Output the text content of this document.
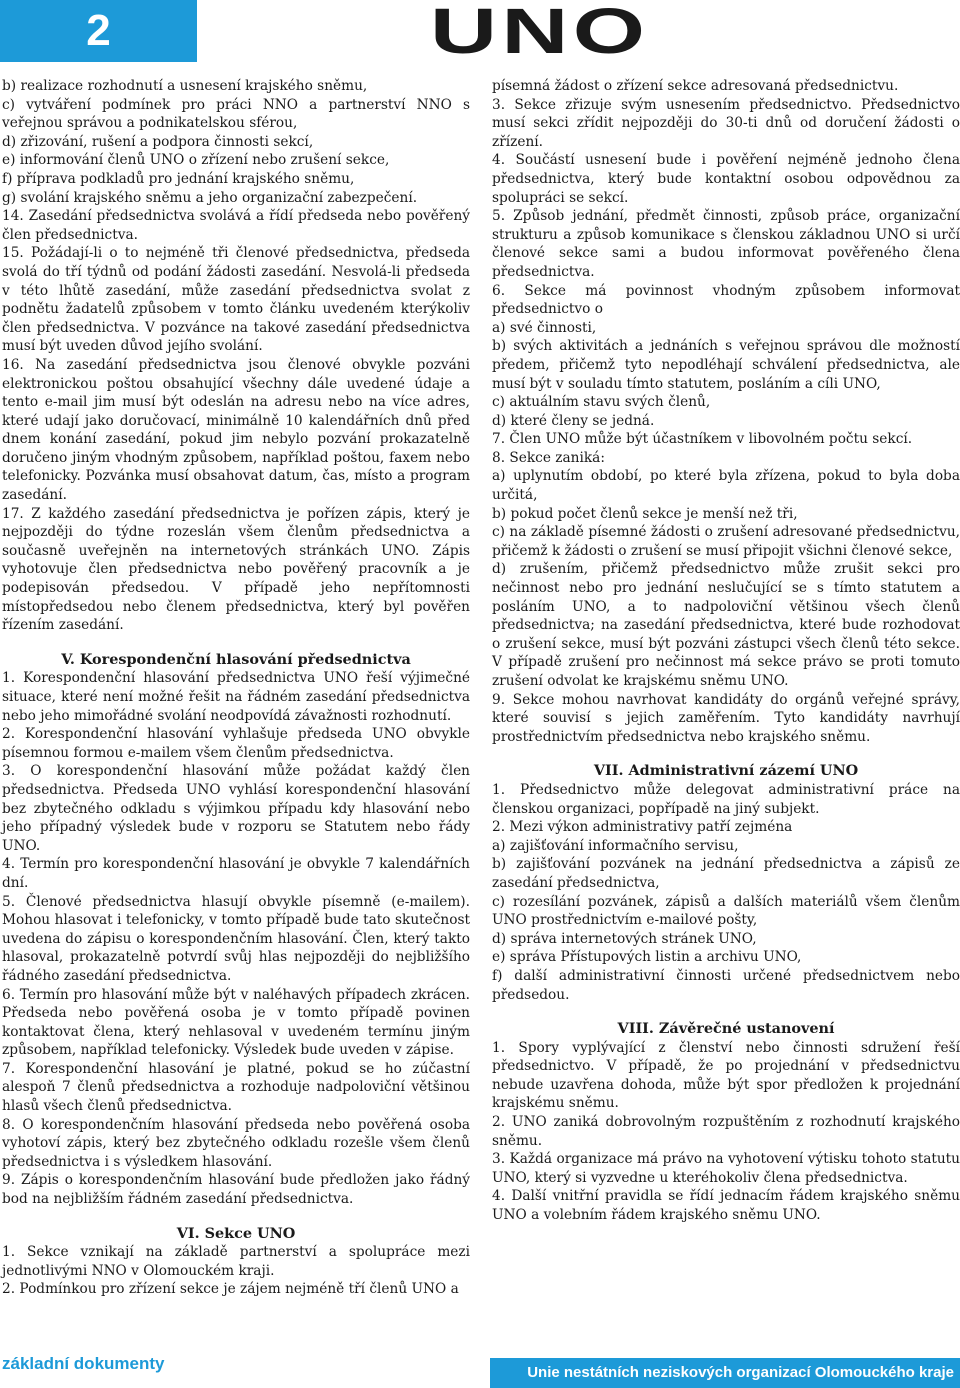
2	UNO

b) realizace rozhodnutí a usnesení krajského sněmu,

c) vytváření podmínek pro práci NNO a partnerství NNO s veřejnou správou a podnikatelskou sférou,

d) zřizování, rušení a podpora činnosti sekcí,

e) informování členů UNO o zřízení nebo zrušení sekce,

f) příprava podkladů pro jednání krajského sněmu,

g) svolání krajského sněmu a jeho organizační zabezpečení.

14. Zasedání předsednictva svolává a řídí předseda nebo pověřený člen předsednictva.

15. Požádají-li o to nejméně tři členové předsednictva, předseda svolá do tří týdnů od podání žádosti zasedání. Nesvolá-li předseda v této lhůtě zasedání, může zasedání předsednictva svolat z podnětu žadatelů způsobem v tomto článku uvedeném kterýkoliv člen předsednictva. V pozvánce na takové zasedání předsednictva musí být uveden důvod jejího svolání.

16. Na zasedání předsednictva jsou členové obvykle pozváni elektronickou poštou obsahující všechny dále uvedené údaje a tento e-mail jim musí být odeslán na adresu nebo na více adres, které udají jako doručovací, minimálně 10 kalendářních dnů před dnem konání zasedání, pokud jim nebylo pozvání prokazatelně doručeno jiným vhodným způsobem, například poštou, faxem nebo telefonicky. Pozvánka musí obsahovat datum, čas, místo a program zasedání.

17. Z každého zasedání předsednictva je pořízen zápis, který je nejpozději do týdne rozeslán všem členům předsednictva a současně uveřejněn na internetových stránkách UNO. Zápis vyhotovuje člen předsednictva nebo pověřený pracovník a je podepisován předsedou. V případě jeho nepřítomnosti místopředsedou nebo členem předsednictva, který byl pověřen řízením zasedání.

V. Korespondenční hlasování předsednictva

1. Korespondenční hlasování předsednictva UNO řeší výjimečné situace, které není možné řešit na řádném zasedání předsednictva nebo jeho mimořádné svolání neodpovídá závažnosti rozhodnutí.

2. Korespondenční hlasování vyhlašuje předseda UNO obvykle písemnou formou e-mailem všem členům předsednictva.

3. O korespondenční hlasování může požádat každý člen předsednictva. Předseda UNO vyhlásí korespondenční hlasování bez zbytečného odkladu s výjimkou případu kdy hlasování nebo jeho případný výsledek bude v rozporu se Statutem nebo řády UNO.

4. Termín pro korespondenční hlasování je obvykle 7 kalendářních dní.

5. Členové předsednictva hlasují obvykle písemně (e-mailem). Mohou hlasovat i telefonicky, v tomto případě bude tato skutečnost uvedena do zápisu o korespondenčním hlasování. Člen, který takto hlasoval, prokazatelně potvrdí svůj hlas nejpozději do nejbližšího řádného zasedání předsednictva.

6. Termín pro hlasování může být v naléhavých případech zkrácen. Předseda nebo pověřená osoba je v tomto případě povinen kontaktovat člena, který nehlasoval v uvedeném termínu jiným způsobem, například telefonicky. Výsledek bude uveden v zápise.

7. Korespondenční hlasování je platné, pokud se ho zúčastní alespoň 7 členů předsednictva a rozhoduje nadpoloviční většinou hlasů všech členů předsednictva.

8. O korespondenčním hlasování předseda nebo pověřená osoba vyhotoví zápis, který bez zbytečného odkladu rozešle všem členů předsednictva i s výsledkem hlasování.

9. Zápis o korespondenčním hlasování bude předložen jako řádný bod na nejbližším řádném zasedání předsednictva.

VI. Sekce UNO

1. Sekce vznikají na základě partnerství a spolupráce mezi jednotlivými NNO v Olomouckém kraji.

2. Podmínkou pro zřízení sekce je zájem nejméně tří členů UNO a

písemná žádost o zřízení sekce adresovaná předsednictvu.

3. Sekce zřizuje svým usnesením předsednictvo. Předsednictvo musí sekci zřídit nejpozději do 30-ti dnů od doručení žádosti o zřízení.

4. Součástí usnesení bude i pověření nejméně jednoho člena předsednictva, který bude kontaktní osobou odpovědnou za spolupráci se sekcí.

5. Způsob jednání, předmět činnosti, způsob práce, organizační strukturu a způsob komunikace s členskou základnou UNO si určí členové sekce sami a budou informovat pověřeného člena předsednictva.

6. Sekce má povinnost vhodným způsobem informovat předsednictvo o

a) své činnosti,

b) svých aktivitách a jednáních s veřejnou správou dle možností předem, přičemž tyto nepodléhají schválení předsednictva, ale musí být v souladu tímto statutem, posláním a cíli UNO,

c) aktuálním stavu svých členů,

d) které členy se jedná.

7. Člen UNO může být účastníkem v libovolném počtu sekcí.

8. Sekce zaniká:

a) uplynutím období, po které byla zřízena, pokud to byla doba určitá,

b) pokud počet členů sekce je menší než tři,

c) na základě písemné žádosti o zrušení adresované předsednictvu, přičemž k žádosti o zrušení se musí připojit všichni členové sekce,

d) zrušením, přičemž předsednictvo může zrušit sekci pro nečinnost nebo pro jednání neslučující se s tímto statutem a posláním UNO, a to nadpoloviční většinou všech členů předsednictva; na zasedání předsednictva, které bude rozhodovat o zrušení sekce, musí být pozváni zástupci všech členů této sekce. V případě zrušení pro nečinnost má sekce právo se proti tomuto zrušení odvolat ke krajskému sněmu UNO.

9. Sekce mohou navrhovat kandidáty do orgánů veřejné správy, které souvisí s jejich zaměřením. Tyto kandidáty navrhují prostřednictvím předsednictva nebo krajského sněmu.

VII. Administrativní zázemí UNO

1. Předsednictvo může delegovat administrativní práce na členskou organizaci, popřípadě na jiný subjekt.

2. Mezi výkon administrativy patří zejména

a) zajišťování informačního servisu,

b) zajišťování pozvánek na jednání předsednictva a zápisů ze zasedání předsednictva,

c) rozesílání pozvánek, zápisů a dalších materiálů všem členům UNO prostřednictvím e-mailové pošty,

d) správa internetových stránek UNO,

e) správa Přístupových listin a archivu UNO,

f) další administrativní činnosti určené předsednictvem nebo předsedou.

VIII. Závěrečné ustanovení

1. Spory vyplývající z členství nebo činnosti sdružení řeší předsednictvo. V případě, že po projednání v předsednictvu nebude uzavřena dohoda, může být spor předložen k projednání krajskému sněmu.

2. UNO zaniká dobrovolným rozpuštěním z rozhodnutí krajského sněmu.

3. Každá organizace má právo na vyhotovení výtisku tohoto statutu UNO, který si vyzvedne u kteréhokoliv člena předsednictva.

4. Další vnitřní pravidla se řídí jednacím řádem krajského sněmu UNO a volebním řádem krajského sněmu UNO.

základní dokumenty	Unie nestátních neziskových organizací Olomouckého kraje
